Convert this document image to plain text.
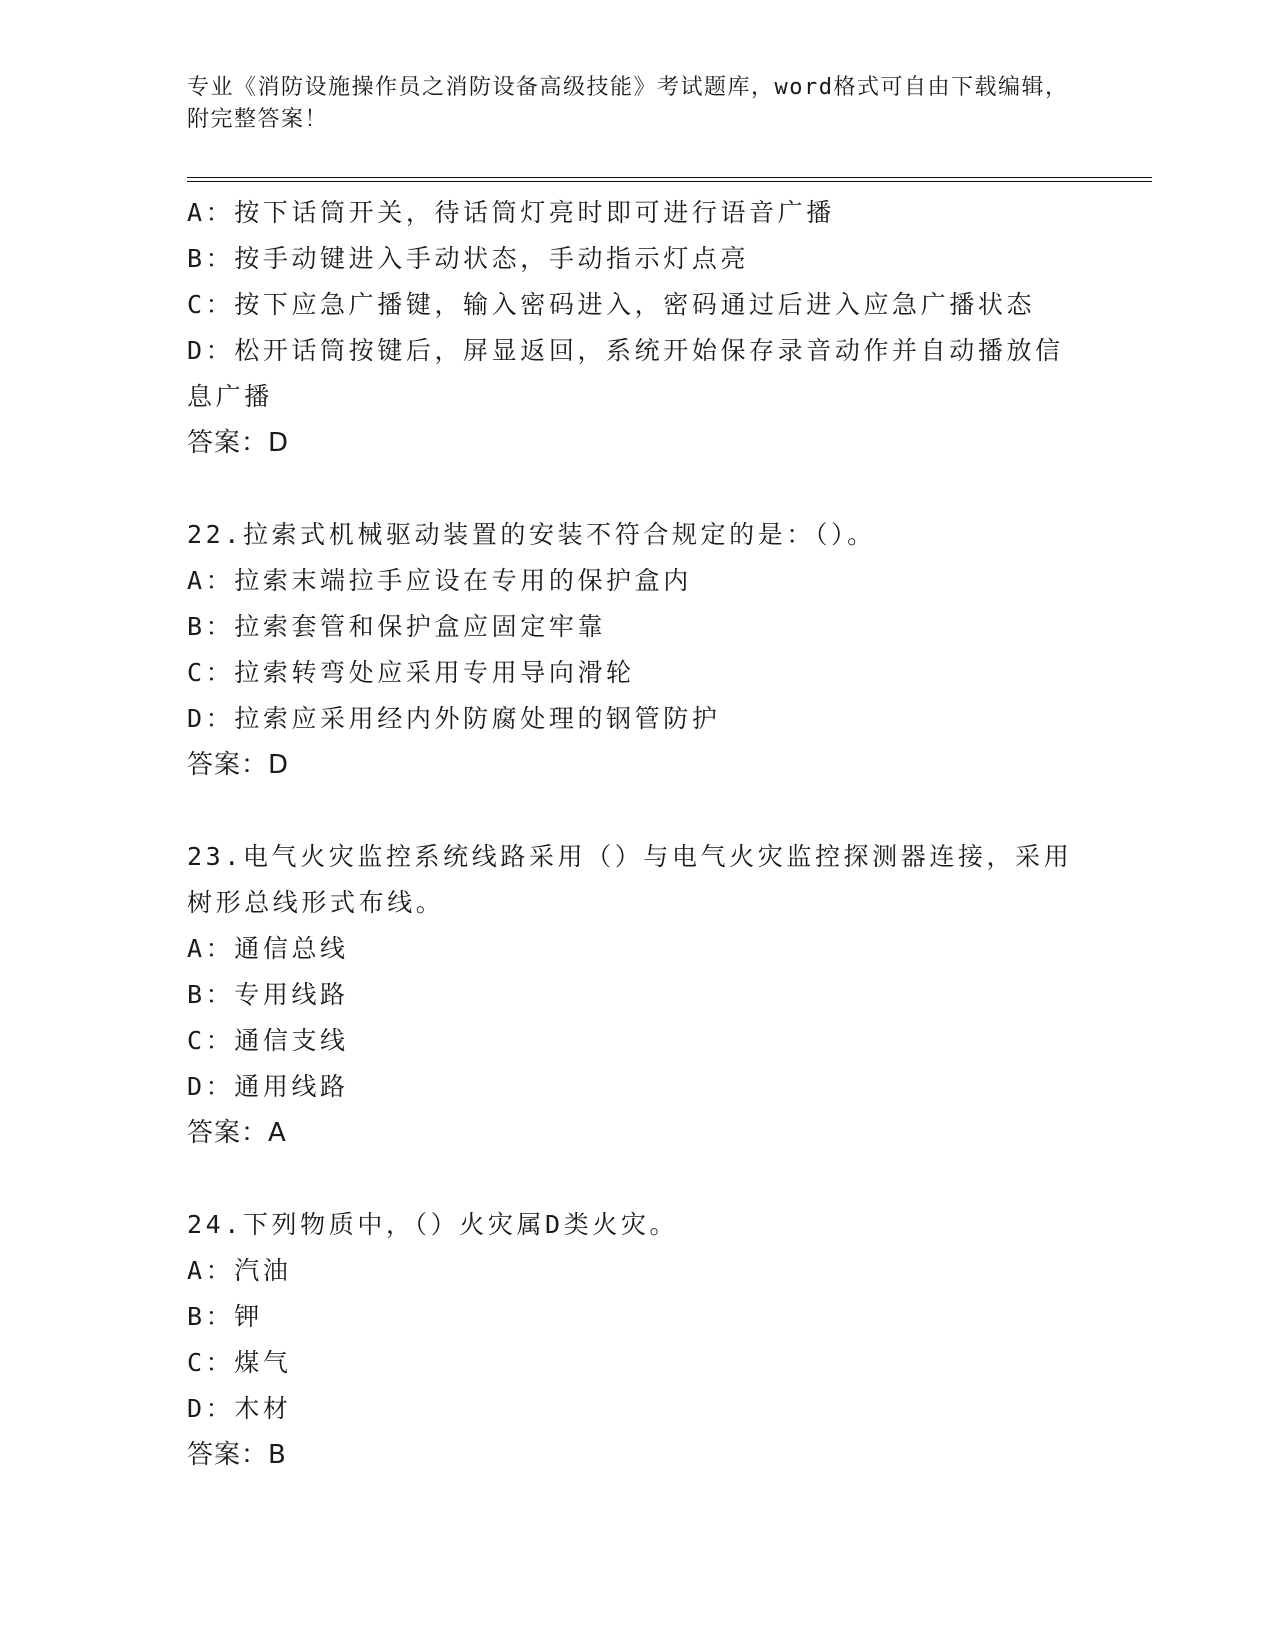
专业《消防设施操作员之消防设备高级技能》考试题库，word格式可自由下载编辑，附完整答案！
A：按下话筒开关，待话筒灯亮时即可进行语音广播
B：按手动键进入手动状态，手动指示灯点亮
C：按下应急广播键，输入密码进入，密码通过后进入应急广播状态
D：松开话筒按键后，屏显返回，系统开始保存录音动作并自动播放信息广播
答案：D
22.拉索式机械驱动装置的安装不符合规定的是：（）。
A：拉索末端拉手应设在专用的保护盒内
B：拉索套管和保护盒应固定牢靠
C：拉索转弯处应采用专用导向滑轮
D：拉索应采用经内外防腐处理的钢管防护
答案：D
23.电气火灾监控系统线路采用（）与电气火灾监控探测器连接，采用树形总线形式布线。
A：通信总线
B：专用线路
C：通信支线
D：通用线路
答案：A
24.下列物质中，（）火灾属D类火灾。
A：汽油
B：钾
C：煤气
D：木材
答案：B
